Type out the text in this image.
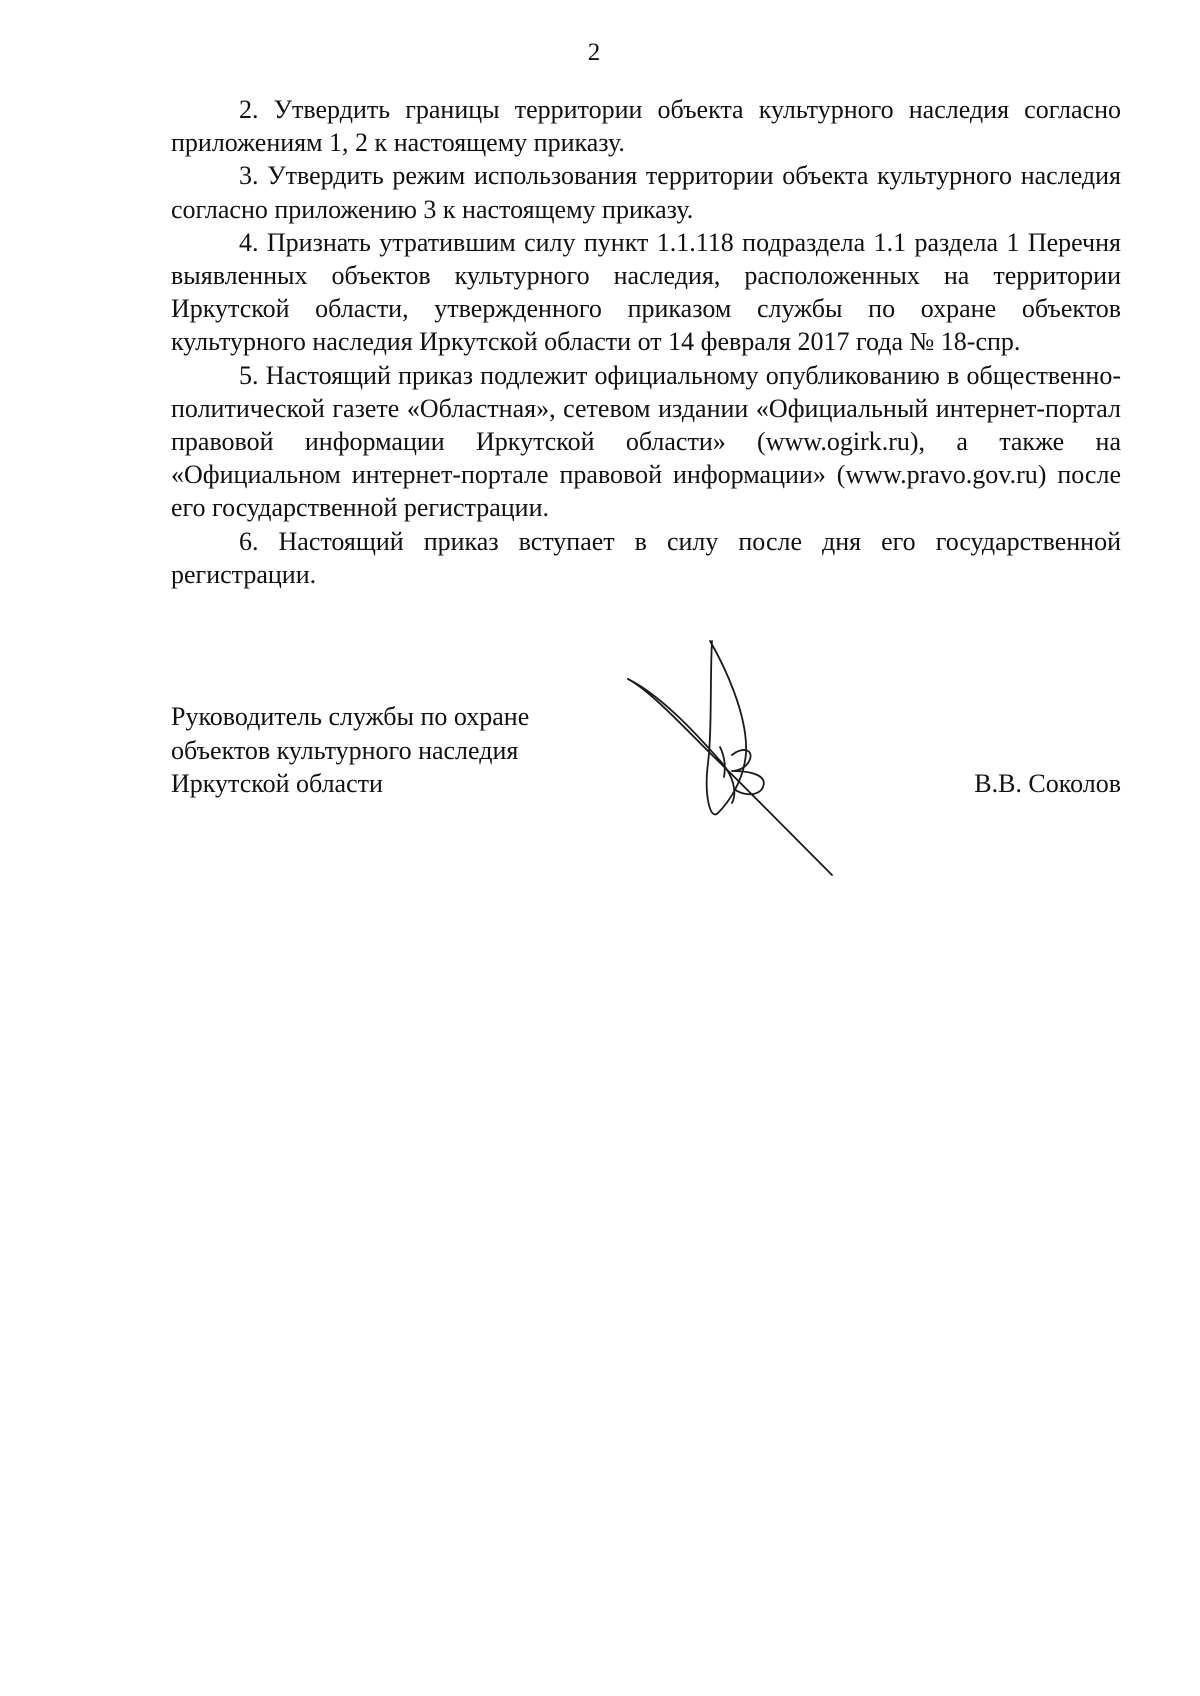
2

2. Утвердить границы территории объекта культурного наследия согласно приложениям 1, 2 к настоящему приказу.

3. Утвердить режим использования территории объекта культурного наследия согласно приложению 3 к настоящему приказу.

4. Признать утратившим силу пункт 1.1.118 подраздела 1.1 раздела 1 Перечня выявленных объектов культурного наследия, расположенных на территории Иркутской области, утвержденного приказом службы по охране объектов культурного наследия Иркутской области от 14 февраля 2017 года № 18-спр.

5. Настоящий приказ подлежит официальному опубликованию в общественно-политической газете «Областная», сетевом издании «Официальный интернет-портал правовой информации Иркутской области» (www.ogirk.ru), а также на «Официальном интернет-портале правовой информации» (www.pravo.gov.ru) после его государственной регистрации.

6. Настоящий приказ вступает в силу после дня его государственной регистрации.

Руководитель службы по охране
объектов культурного наследия
Иркутской области	В.В. Соколов
